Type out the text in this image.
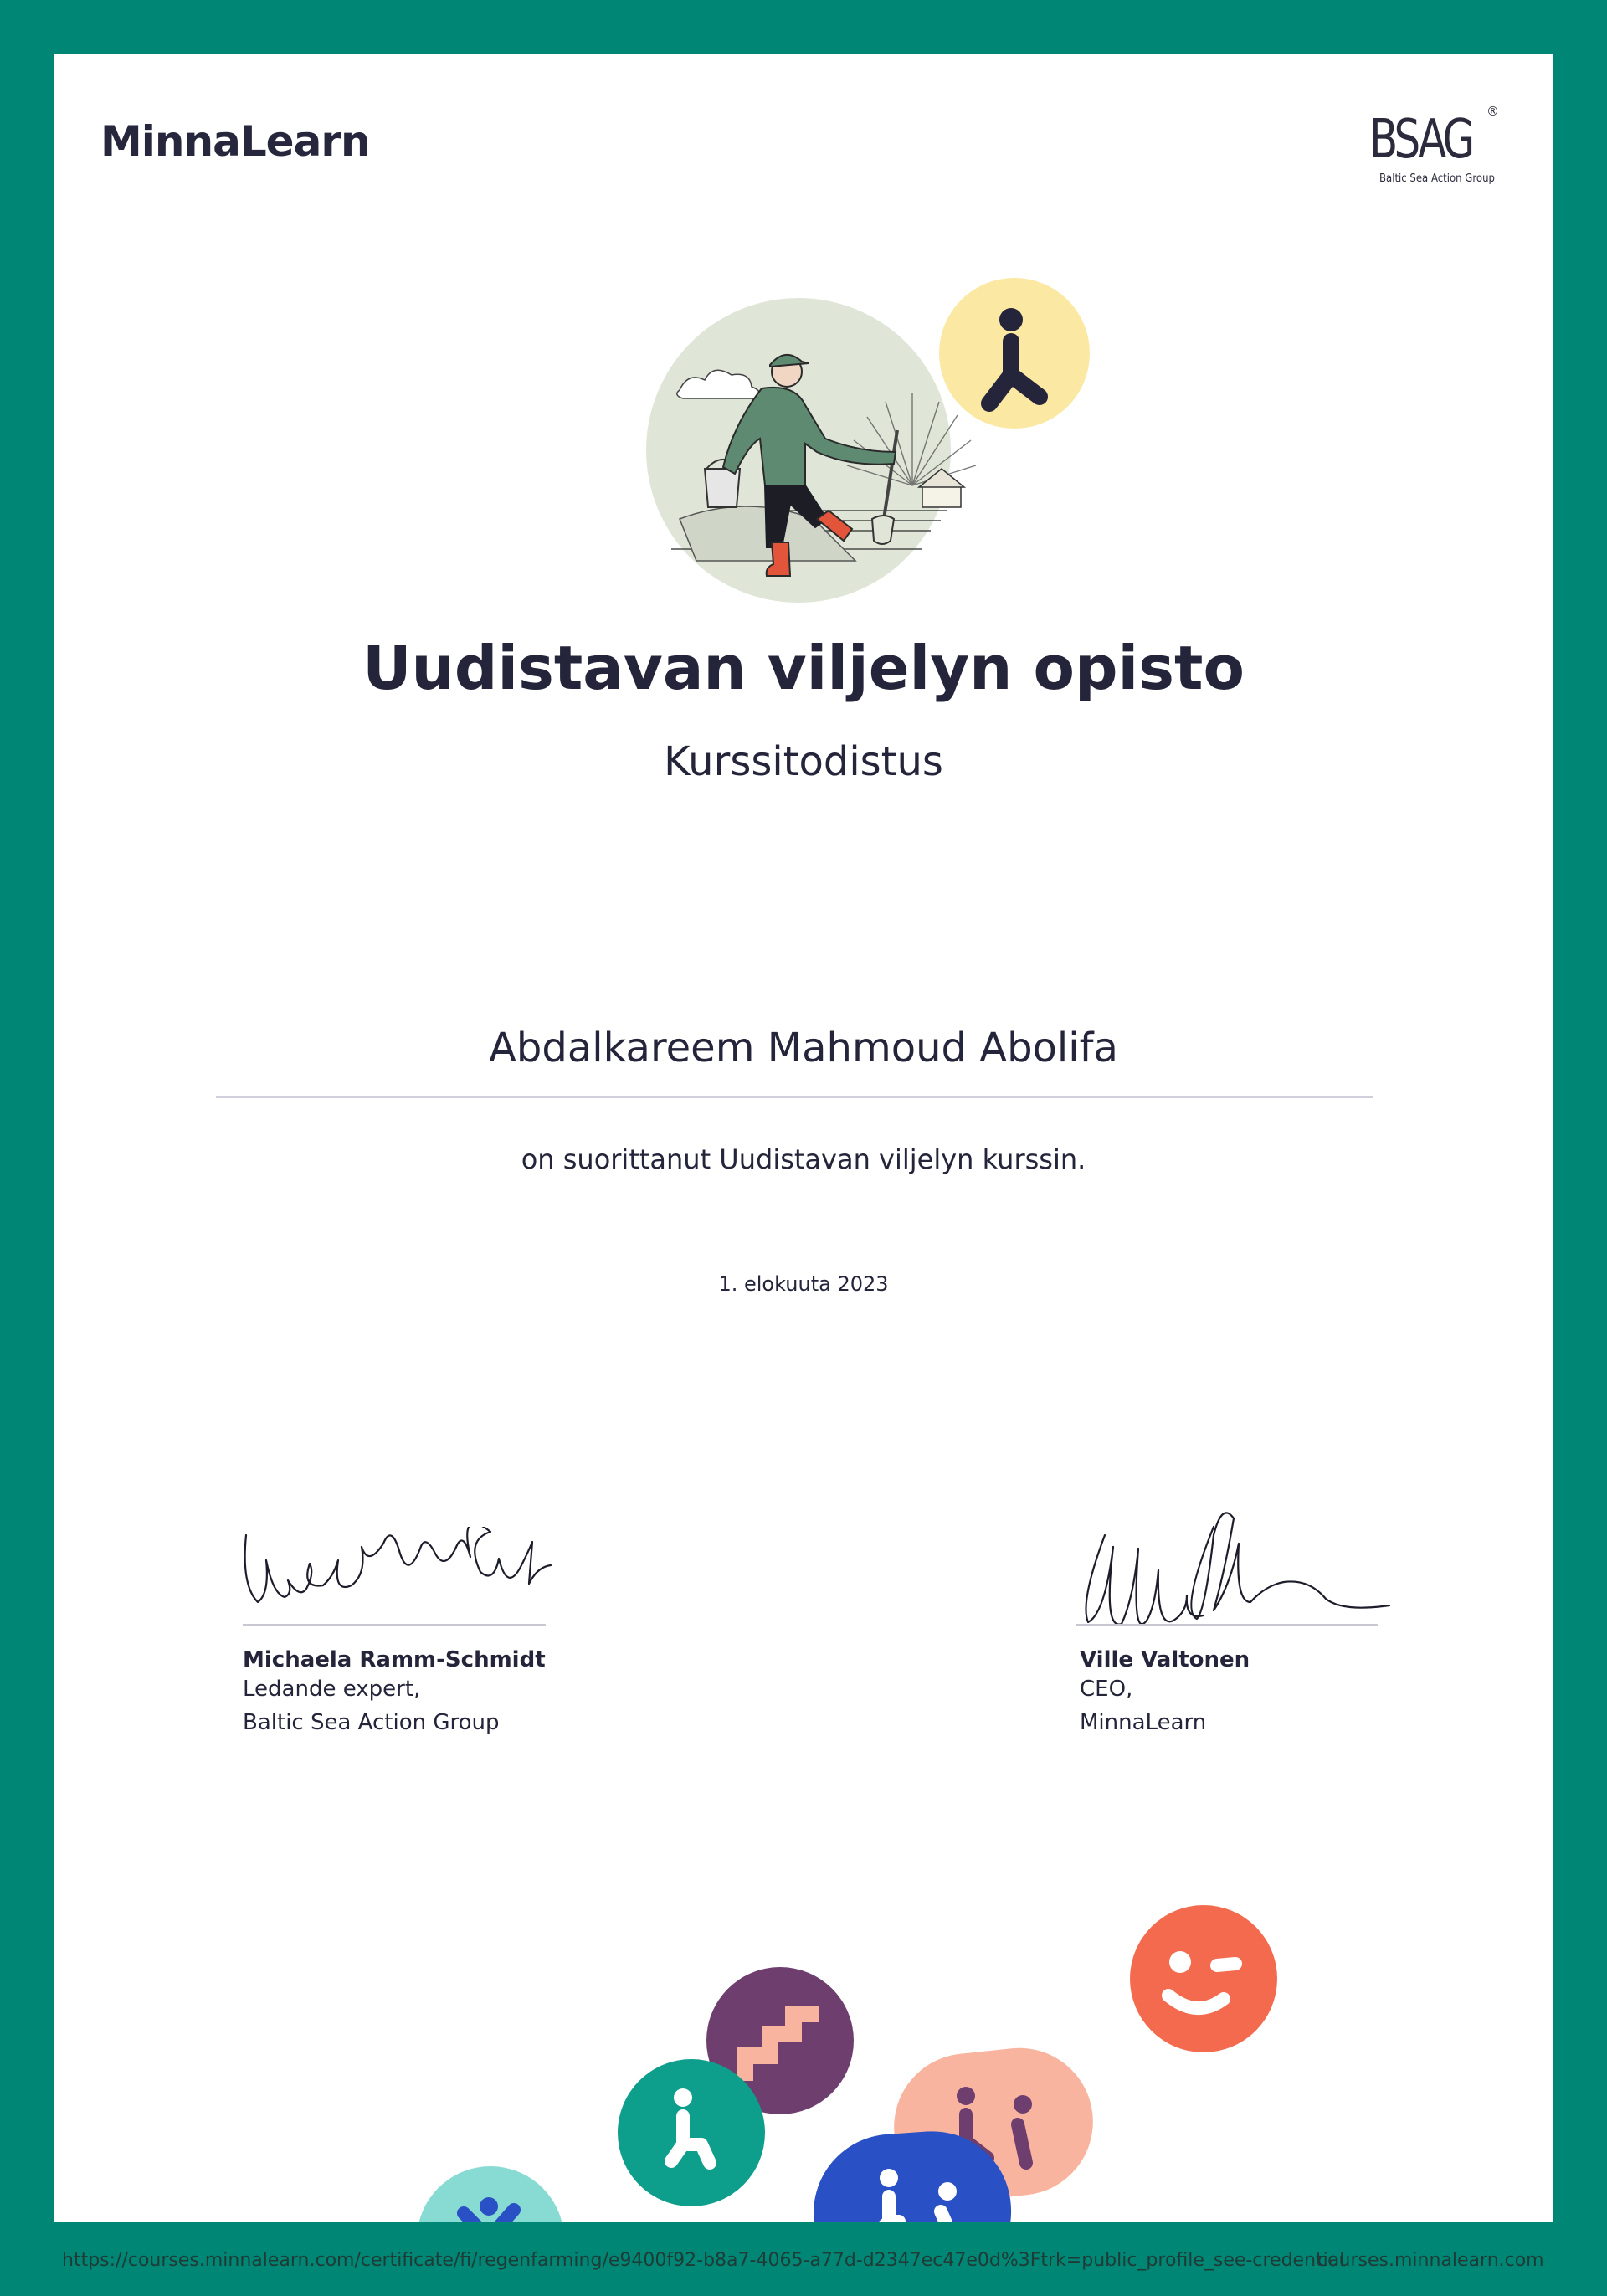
MinnaLearn	BSAG ®
Baltic Sea Action Group
Uudistavan viljelyn opisto
Kurssitodistus
Abdalkareem Mahmoud Abolifa
on suorittanut Uudistavan viljelyn kurssin.
1. elokuuta 2023
Michaela Ramm-Schmidt
Ledande expert,
Baltic Sea Action Group
Ville Valtonen
CEO,
MinnaLearn
https://courses.minnalearn.com/certificate/fi/regenfarming/e9400f92-b8a7-4065-a77d-d2347ec47e0d%3Ftrk=public_profile_see-credential
courses.minnalearn.com
